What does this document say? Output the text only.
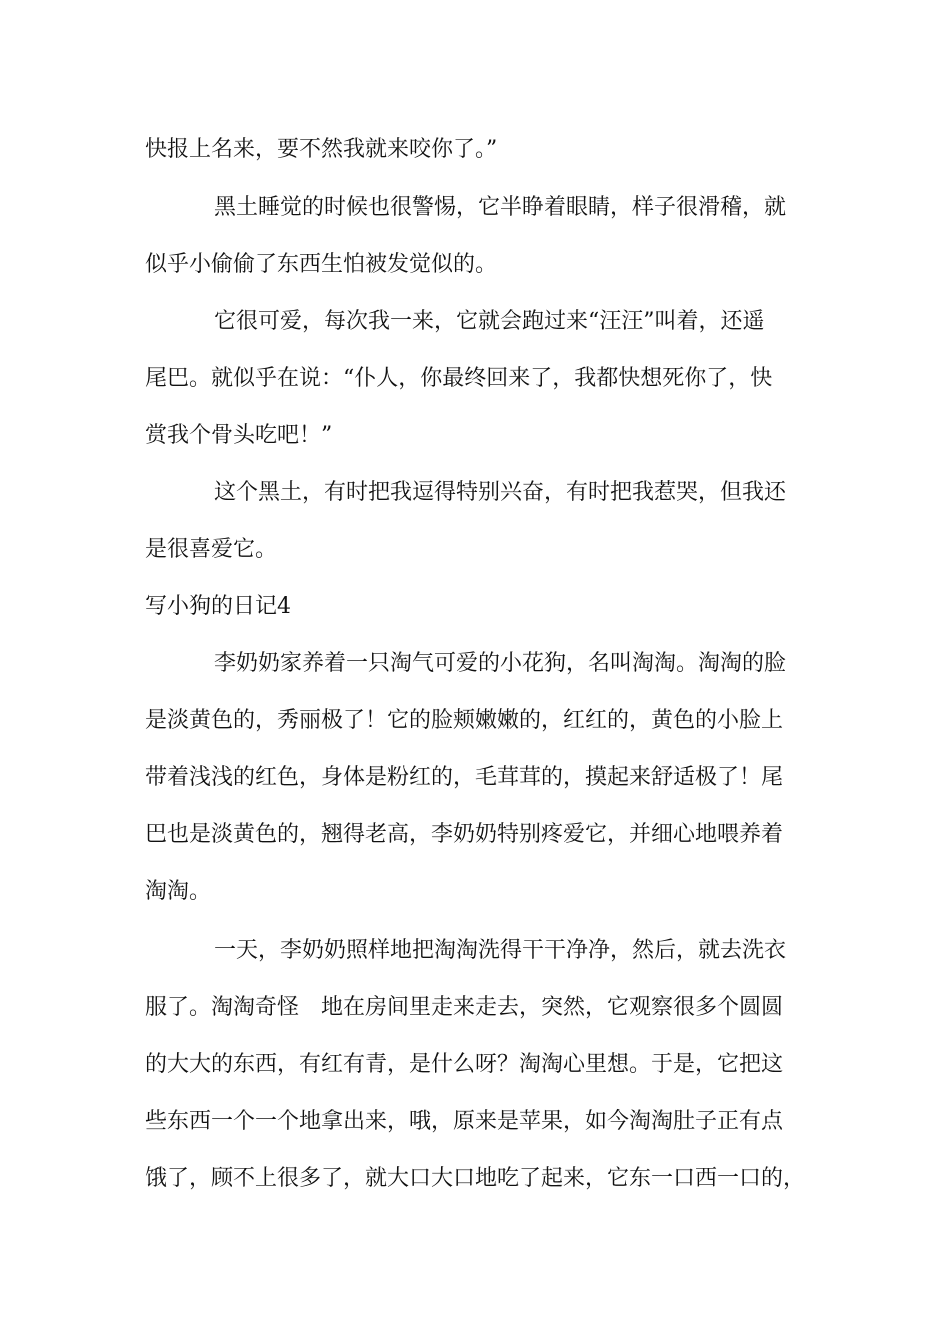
快报上名来，要不然我就来咬你了。”
黑土睡觉的时候也很警惕，它半睁着眼睛，样子很滑稽，就
似乎小偷偷了东西生怕被发觉似的。
它很可爱，每次我一来，它就会跑过来“汪汪”叫着，还遥
尾巴。就似乎在说：“仆人，你最终回来了，我都快想死你了，快
赏我个骨头吃吧！”
这个黑土，有时把我逗得特别兴奋，有时把我惹哭，但我还
是很喜爱它。
写小狗的日记4
李奶奶家养着一只淘气可爱的小花狗，名叫淘淘。淘淘的脸
是淡黄色的，秀丽极了！它的脸颊嫩嫩的，红红的，黄色的小脸上
带着浅浅的红色，身体是粉红的，毛茸茸的，摸起来舒适极了！尾
巴也是淡黄色的，翘得老高，李奶奶特别疼爱它，并细心地喂养着
淘淘。
一天，李奶奶照样地把淘淘洗得干干净净，然后，就去洗衣
服了。淘淘奇怪 地在房间里走来走去，突然，它观察很多个圆圆
的大大的东西，有红有青，是什么呀？淘淘心里想。于是，它把这
些东西一个一个地拿出来，哦，原来是苹果，如今淘淘肚子正有点
饿了，顾不上很多了，就大口大口地吃了起来，它东一口西一口的，
